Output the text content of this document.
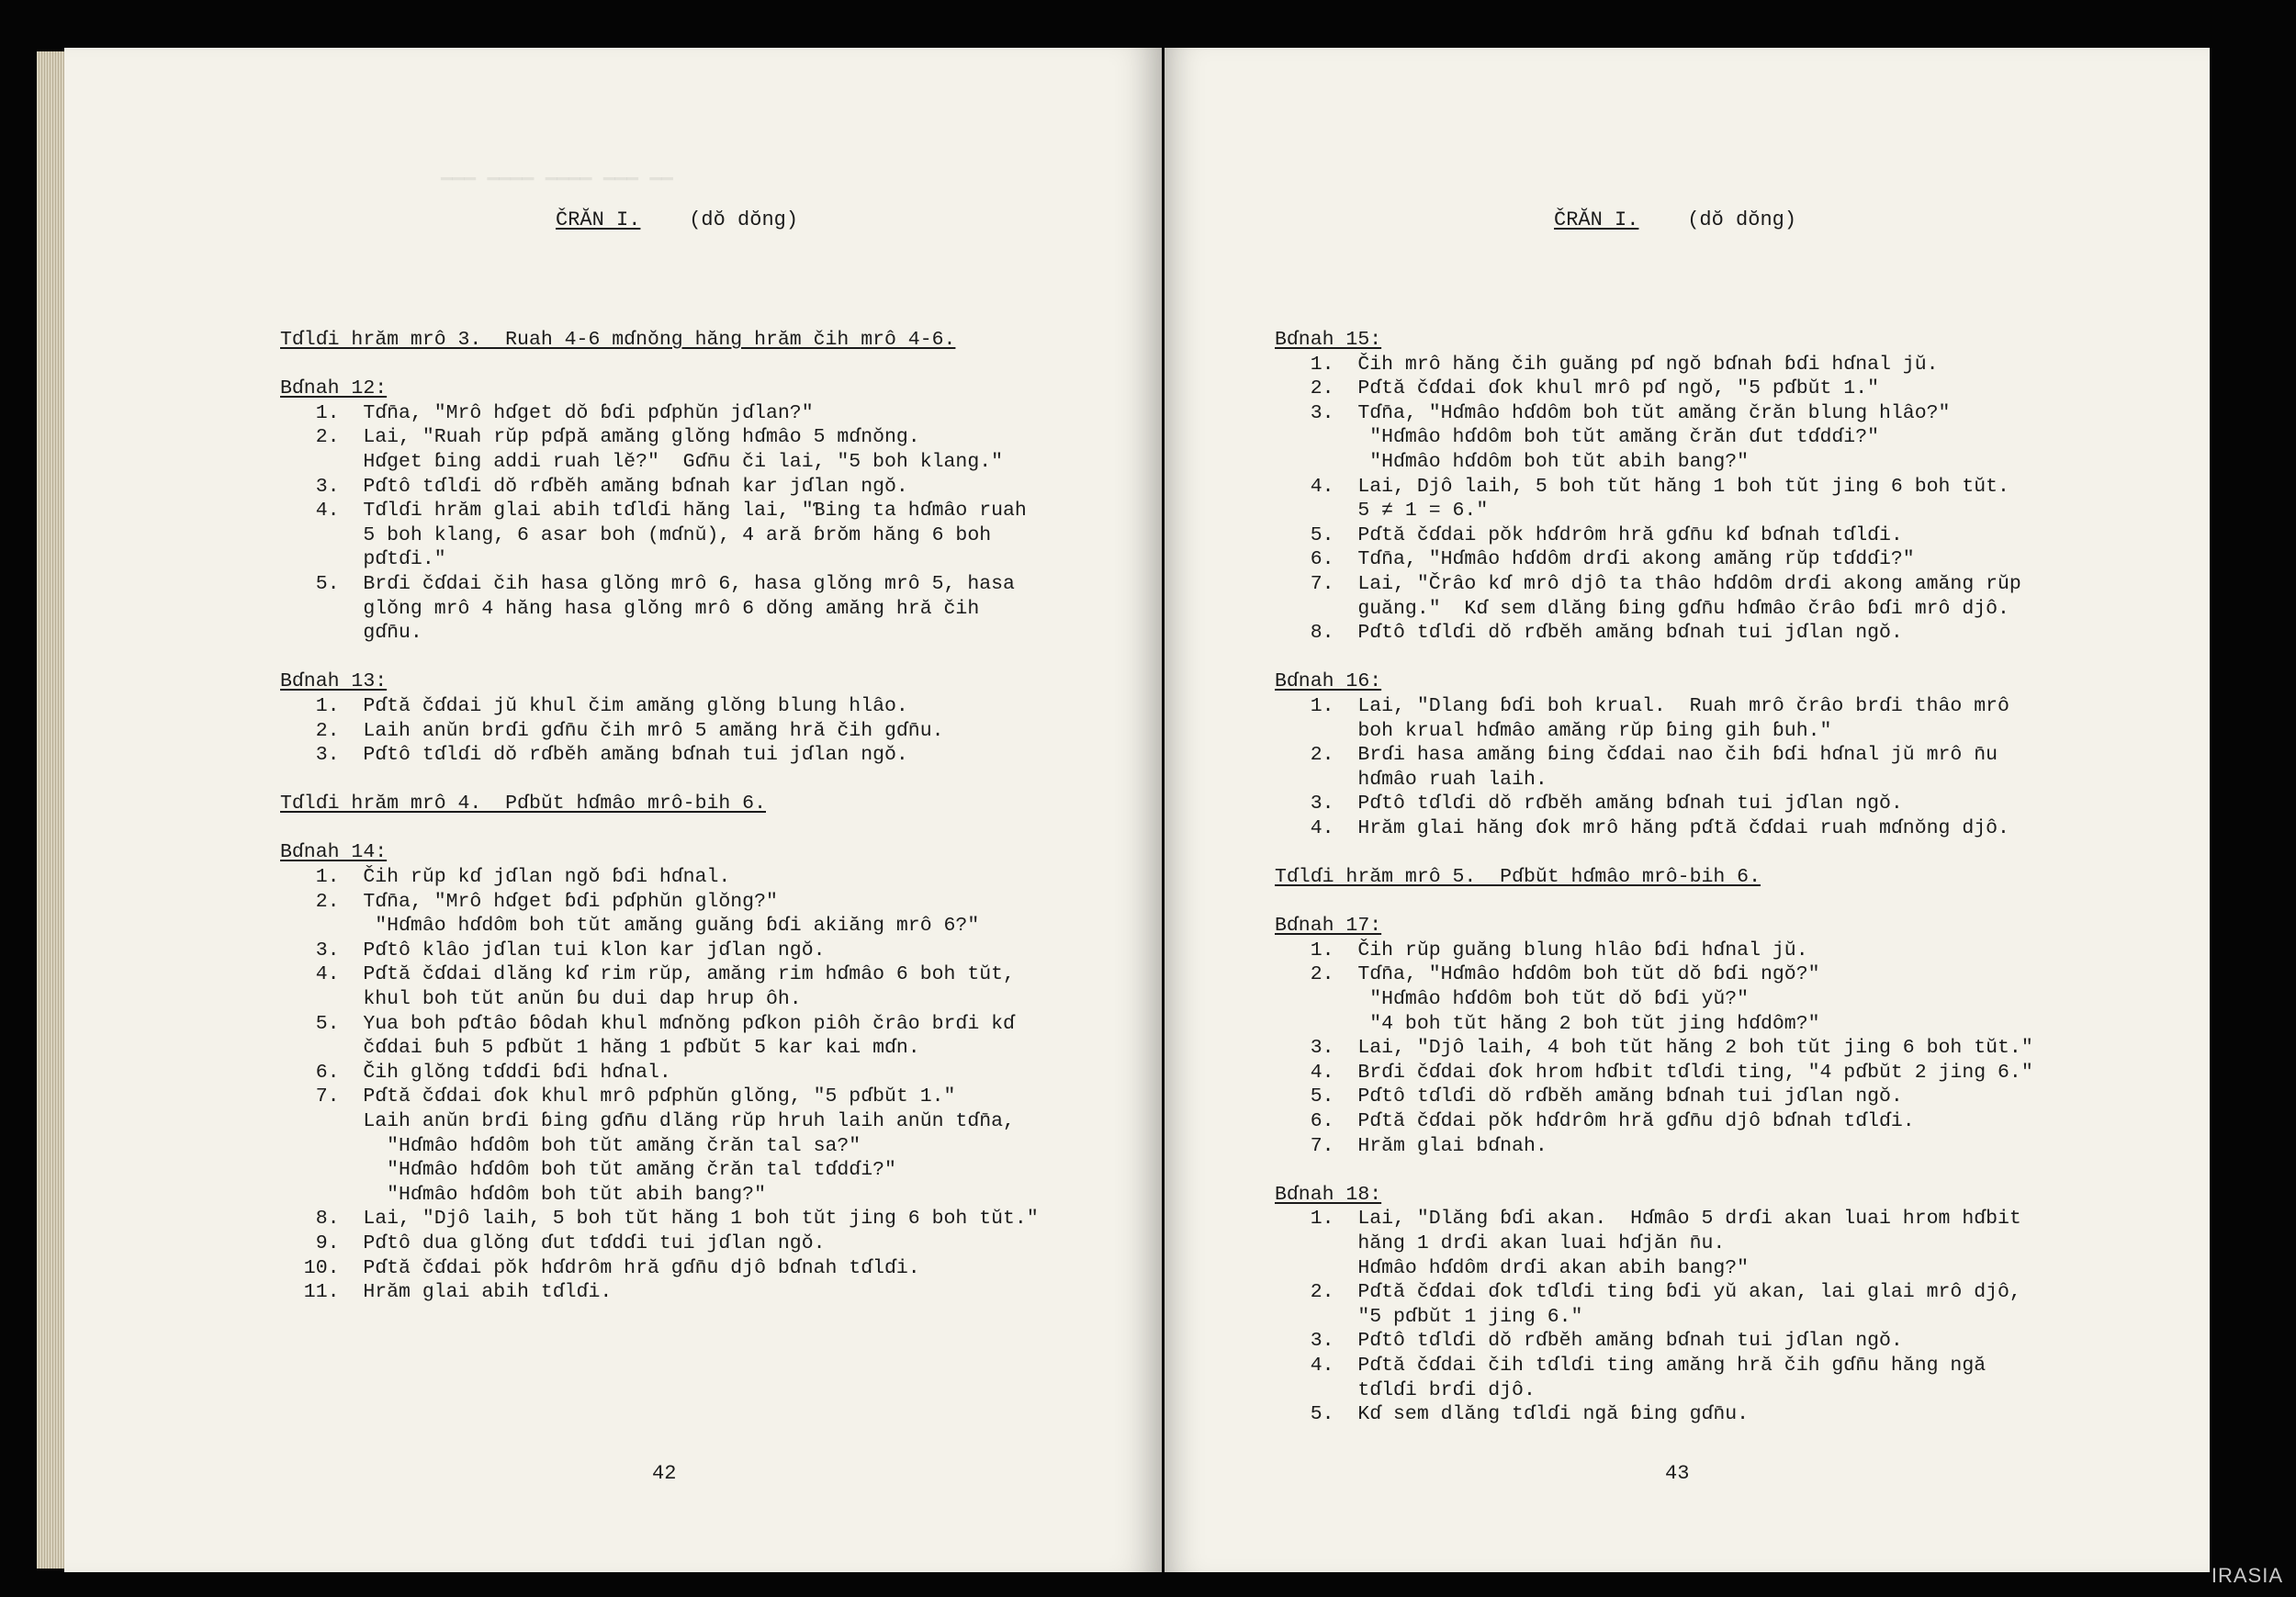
▁▁▁ ▁▁▁▁ ▁▁▁▁ ▁▁▁ ▁▁
ČRĂN I. (dŏ dŏng)
Tɗlɗi hrăm mrô 3.  Ruah 4-6 mɗnŏng hăng hrăm čih mrô 4-6.
Bɗnah 12:
1.  Tɗn̄a, "Mrô hɗget dŏ ɓɗi pɗphŭn jɗlan?"
2.  Lai, "Ruah rŭp pɗpă amăng glŏng hɗmâo 5 mɗnŏng.
Hɗget ɓing addi ruah lĕ?"  Gɗn̄u či lai, "5 boh klang."
3.  Pɗtô tɗlɗi dŏ rɗbĕh amăng bɗnah kar jɗlan ngŏ.
4.  Tɗlɗi hrăm glai abih tɗlɗi hăng lai, "Ɓing ta hɗmâo ruah
5 boh klang, 6 asar boh (mɗnŭ), 4 ară ɓrŏm hăng 6 boh
pɗtɗi."
5.  Brɗi čɗdai čih hasa glŏng mrô 6, hasa glŏng mrô 5, hasa
glŏng mrô 4 hăng hasa glŏng mrô 6 dŏng amăng hră čih
gɗn̄u.
Bɗnah 13:
1.  Pɗtă čɗdai jŭ khul čim amăng glŏng blung hlâo.
2.  Laih anŭn brɗi gɗn̄u čih mrô 5 amăng hră čih gɗn̄u.
3.  Pɗtô tɗlɗi dŏ rɗbĕh amăng bɗnah tui jɗlan ngŏ.
Tɗlɗi hrăm mrô 4.  Pɗbŭt hɗmâo mrô-bih 6.
Bɗnah 14:
1.  Čih rŭp kɗ jɗlan ngŏ ɓɗi hɗnal.
2.  Tɗn̄a, "Mrô hɗget ɓɗi pɗphŭn glŏng?"
"Hɗmâo hɗdôm boh tŭt amăng guăng ɓɗi akiăng mrô 6?"
3.  Pɗtô klâo jɗlan tui klon kar jɗlan ngŏ.
4.  Pɗtă čɗdai dlăng kɗ rim rŭp, amăng rim hɗmâo 6 boh tŭt,
khul boh tŭt anŭn ɓu dui dap hrup ôh.
5.  Yua boh pɗtâo ɓôdah khul mɗnŏng pɗkon piôh črâo brɗi kɗ
čɗdai ɓuh 5 pɗbŭt 1 hăng 1 pɗbŭt 5 kar kai mɗn.
6.  Čih glŏng tɗdɗi ɓɗi hɗnal.
7.  Pɗtă čɗdai ɗok khul mrô pɗphŭn glŏng, "5 pɗbŭt 1."
Laih anŭn brɗi ɓing gɗn̄u dlăng rŭp hruh laih anŭn tɗn̄a,
"Hɗmâo hɗdôm boh tŭt amăng črăn tal sa?"
"Hɗmâo hɗdôm boh tŭt amăng črăn tal tɗdɗi?"
"Hɗmâo hɗdôm boh tŭt abih bang?"
8.  Lai, "Djô laih, 5 boh tŭt hăng 1 boh tŭt jing 6 boh tŭt."
9.  Pɗtô dua glŏng ɗut tɗdɗi tui jɗlan ngŏ.
10.  Pɗtă čɗdai pŏk hɗdrôm hră gɗn̄u djô bɗnah tɗlɗi.
11.  Hrăm glai abih tɗlɗi.
42
ČRĂN I. (dŏ dŏng)
Bɗnah 15:
1.  Čih mrô hăng čih guăng pɗ ngŏ bɗnah ɓɗi hɗnal jŭ.
2.  Pɗtă čɗdai ɗok khul mrô pɗ ngŏ, "5 pɗbŭt 1."
3.  Tɗn̄a, "Hɗmâo hɗdôm boh tŭt amăng črăn blung hlâo?"
"Hɗmâo hɗdôm boh tŭt amăng črăn ɗut tɗdɗi?"
"Hɗmâo hɗdôm boh tŭt abih bang?"
4.  Lai, Djô laih, 5 boh tŭt hăng 1 boh tŭt jing 6 boh tŭt.
5 ≠ 1 = 6."
5.  Pɗtă čɗdai pŏk hɗdrôm hră gɗn̄u kɗ bɗnah tɗlɗi.
6.  Tɗn̄a, "Hɗmâo hɗdôm drɗi akong amăng rŭp tɗdɗi?"
7.  Lai, "Črâo kɗ mrô djô ta thâo hɗdôm drɗi akong amăng rŭp
guăng."  Kɗ sem dlăng ɓing gɗn̄u hɗmâo črâo ɓɗi mrô djô.
8.  Pɗtô tɗlɗi dŏ rɗbĕh amăng bɗnah tui jɗlan ngŏ.
Bɗnah 16:
1.  Lai, "Dlang ɓɗi boh krual.  Ruah mrô črâo brɗi thâo mrô
boh krual hɗmâo amăng rŭp ɓing gih ɓuh."
2.  Brɗi hasa amăng ɓing čɗdai nao čih ɓɗi hɗnal jŭ mrô n̄u
hɗmâo ruah laih.
3.  Pɗtô tɗlɗi dŏ rɗbĕh amăng bɗnah tui jɗlan ngŏ.
4.  Hrăm glai hăng ɗok mrô hăng pɗtă čɗdai ruah mɗnŏng djô.
Tɗlɗi hrăm mrô 5.  Pɗbŭt hɗmâo mrô-bih 6.
Bɗnah 17:
1.  Čih rŭp guăng blung hlâo ɓɗi hɗnal jŭ.
2.  Tɗn̄a, "Hɗmâo hɗdôm boh tŭt dŏ ɓɗi ngŏ?"
"Hɗmâo hɗdôm boh tŭt dŏ ɓɗi yŭ?"
"4 boh tŭt hăng 2 boh tŭt jing hɗdôm?"
3.  Lai, "Djô laih, 4 boh tŭt hăng 2 boh tŭt jing 6 boh tŭt."
4.  Brɗi čɗdai ɗok hrom hɗbit tɗlɗi ting, "4 pɗbŭt 2 jing 6."
5.  Pɗtô tɗlɗi dŏ rɗbĕh amăng bɗnah tui jɗlan ngŏ.
6.  Pɗtă čɗdai pŏk hɗdrôm hră gɗn̄u djô bɗnah tɗlɗi.
7.  Hrăm glai bɗnah.
Bɗnah 18:
1.  Lai, "Dlăng ɓɗi akan.  Hɗmâo 5 drɗi akan luai hrom hɗbit
hăng 1 drɗi akan luai hɗjăn n̄u.
Hɗmâo hɗdôm drɗi akan abih bang?"
2.  Pɗtă čɗdai ɗok tɗlɗi ting ɓɗi yŭ akan, lai glai mrô djô,
"5 pɗbŭt 1 jing 6."
3.  Pɗtô tɗlɗi dŏ rɗbĕh amăng bɗnah tui jɗlan ngŏ.
4.  Pɗtă čɗdai čih tɗlɗi ting amăng hră čih gɗn̄u hăng ngă
tɗlɗi brɗi djô.
5.  Kɗ sem dlăng tɗlɗi ngă ɓing gɗn̄u.
43
IRASIA
